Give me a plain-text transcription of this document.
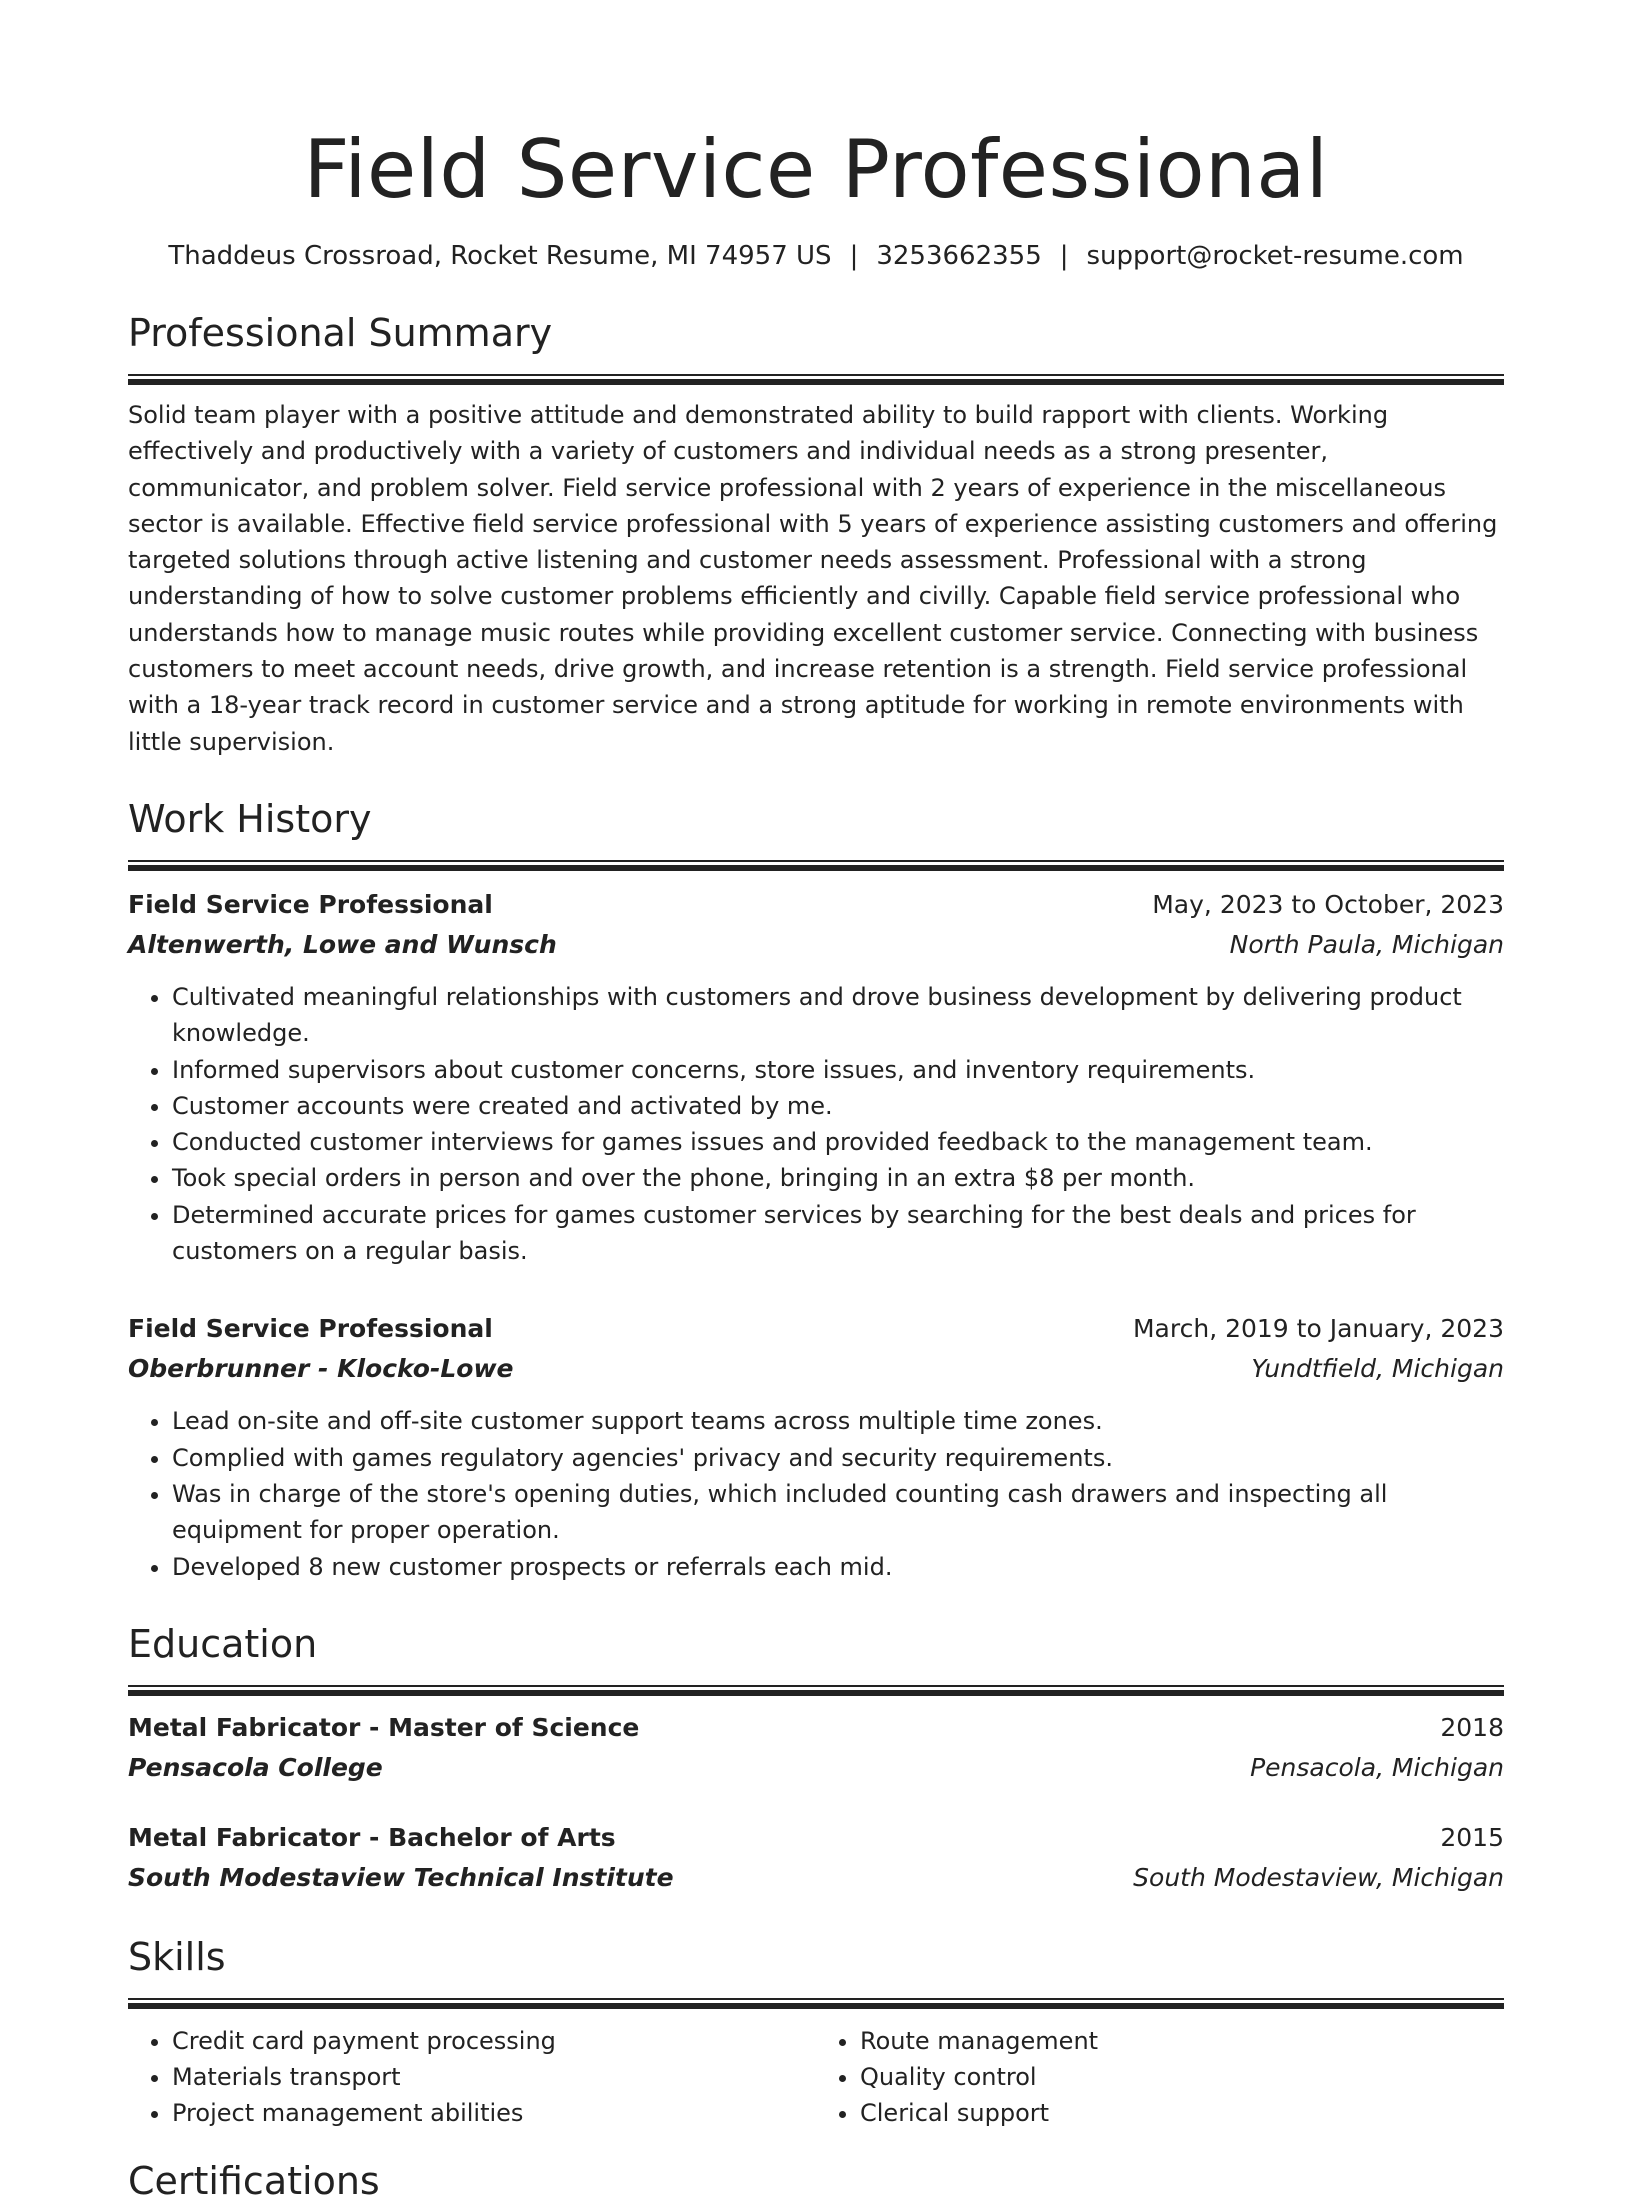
Field Service Professional
Thaddeus Crossroad, Rocket Resume, MI 74957 US | 3253662355 | support@rocket-resume.com
Professional Summary
Solid team player with a positive attitude and demonstrated ability to build rapport with clients. Working effectively and productively with a variety of customers and individual needs as a strong presenter, communicator, and problem solver. Field service professional with 2 years of experience in the miscellaneous sector is available. Effective field service professional with 5 years of experience assisting customers and offering targeted solutions through active listening and customer needs assessment. Professional with a strong understanding of how to solve customer problems efficiently and civilly. Capable field service professional who understands how to manage music routes while providing excellent customer service. Connecting with business customers to meet account needs, drive growth, and increase retention is a strength. Field service professional with a 18-year track record in customer service and a strong aptitude for working in remote environments with little supervision.
Work History
Field Service Professional	May, 2023 to October, 2023
Altenwerth, Lowe and Wunsch	North Paula, Michigan
• Cultivated meaningful relationships with customers and drove business development by delivering product knowledge.
• Informed supervisors about customer concerns, store issues, and inventory requirements.
• Customer accounts were created and activated by me.
• Conducted customer interviews for games issues and provided feedback to the management team.
• Took special orders in person and over the phone, bringing in an extra $8 per month.
• Determined accurate prices for games customer services by searching for the best deals and prices for customers on a regular basis.
Field Service Professional	March, 2019 to January, 2023
Oberbrunner - Klocko-Lowe	Yundtfield, Michigan
• Lead on-site and off-site customer support teams across multiple time zones.
• Complied with games regulatory agencies' privacy and security requirements.
• Was in charge of the store's opening duties, which included counting cash drawers and inspecting all equipment for proper operation.
• Developed 8 new customer prospects or referrals each mid.
Education
Metal Fabricator - Master of Science	2018
Pensacola College	Pensacola, Michigan
Metal Fabricator - Bachelor of Arts	2015
South Modestaview Technical Institute	South Modestaview, Michigan
Skills
• Credit card payment processing
• Materials transport
• Project management abilities
• Route management
• Quality control
• Clerical support
Certifications
